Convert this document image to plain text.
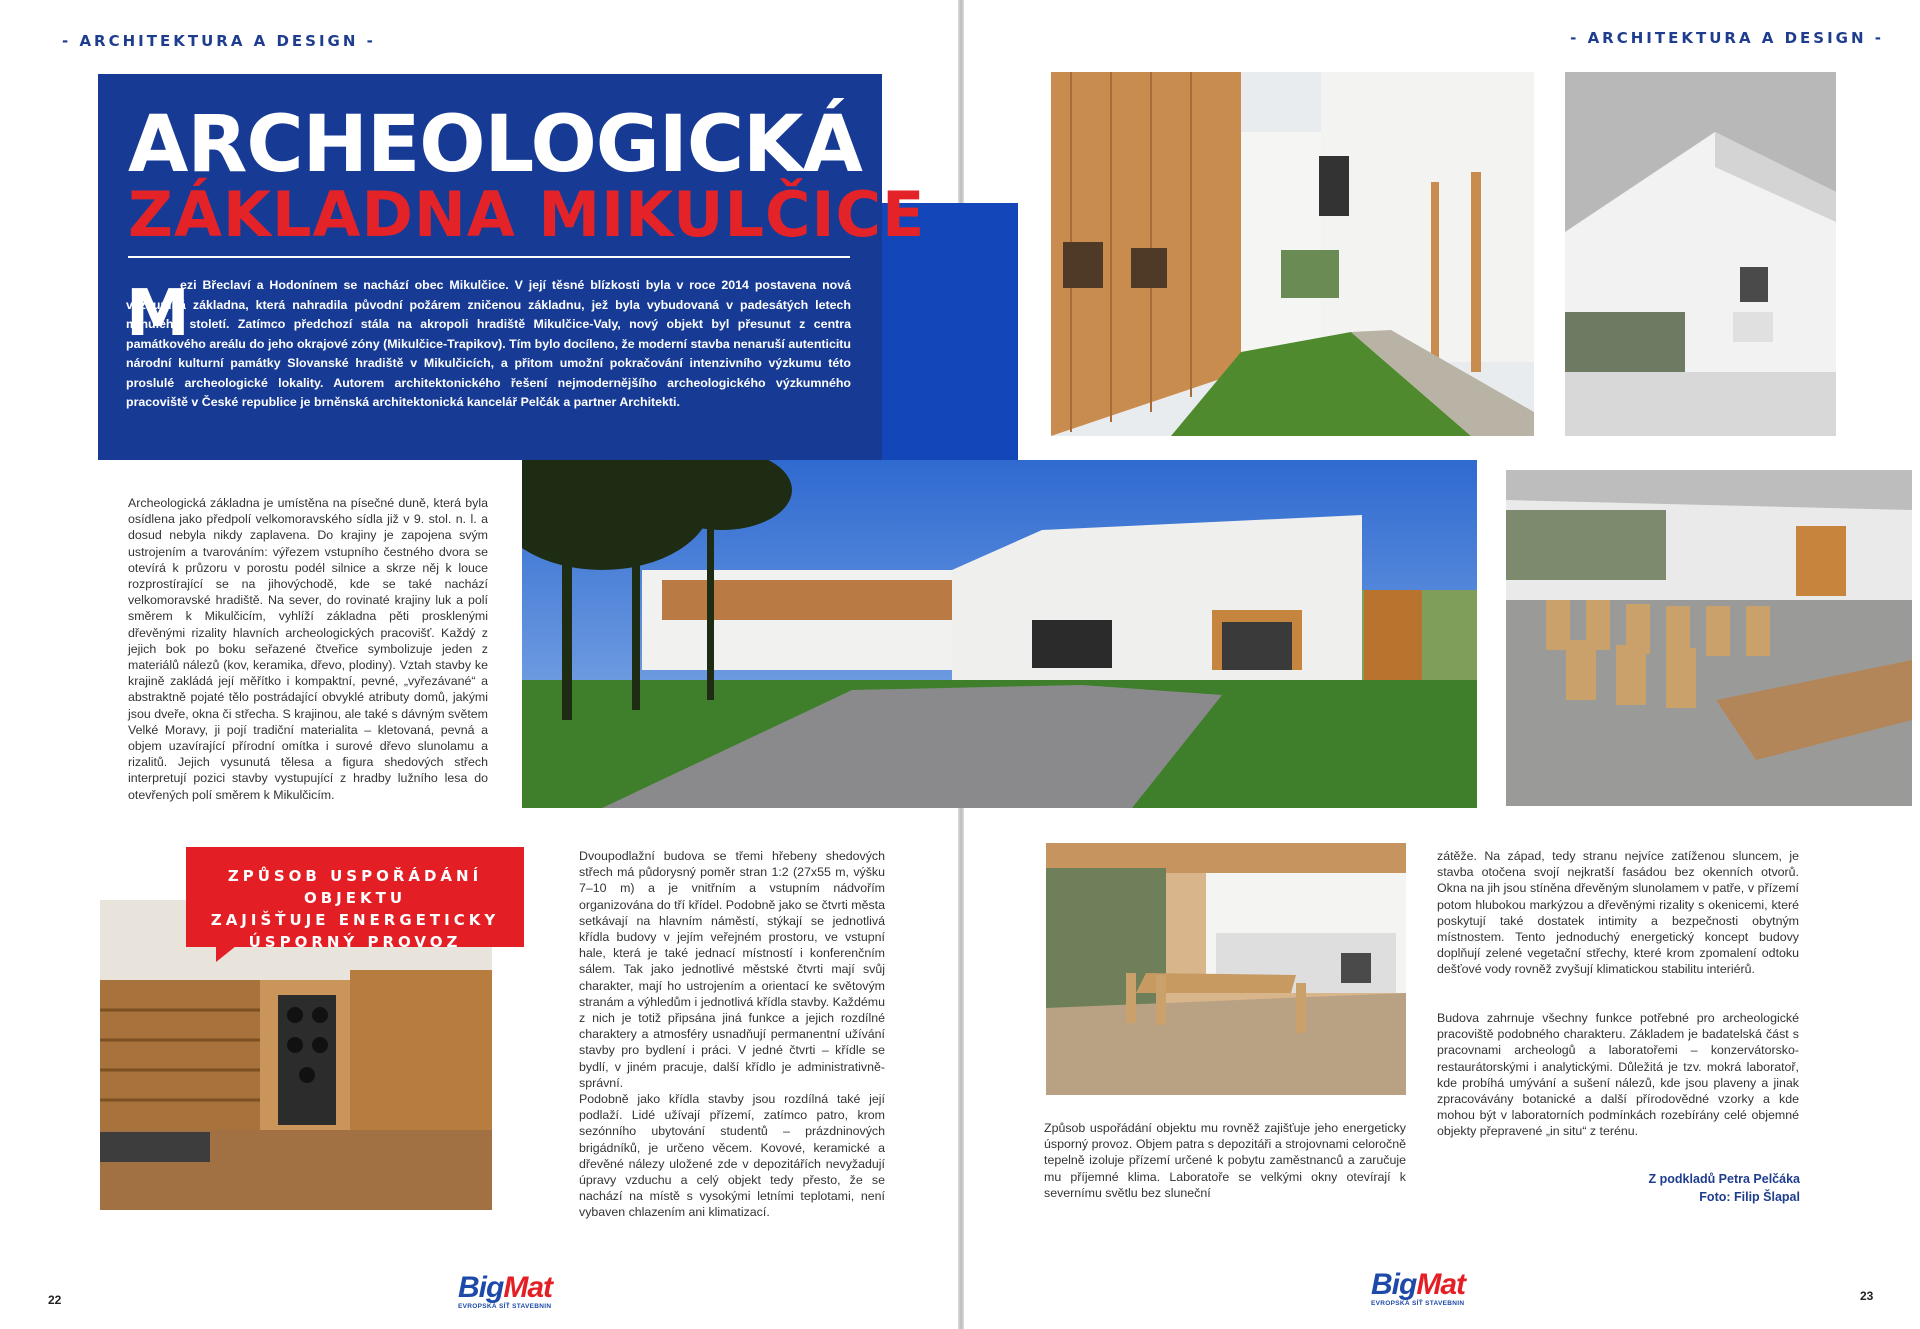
- ARCHITEKTURA A DESIGN -	- ARCHITEKTURA A DESIGN -
ARCHEOLOGICKÁ
ZÁKLADNA MIKULČICE
M
ezi Břeclaví a Hodonínem se nachází obec Mikulčice. V její těsné blízkosti byla v roce 2014 postavena nová výzkumná základna, která nahradila původní požárem zničenou základnu, jež byla vybudovaná v padesátých letech minulého století. Zatímco předchozí stála na akropoli hradiště Mikulčice-Valy, nový objekt byl přesunut z centra památkového areálu do jeho okrajové zóny (Mikulčice-Trapikov). Tím bylo docíleno, že moderní stavba nenaruší autenticitu národní kulturní památky Slovanské hradiště v Mikulčicích, a přitom umožní pokračování intenzivního výzkumu této proslulé archeologické lokality. Autorem architektonického řešení nejmodernějšího archeologického výzkumného pracoviště v České republice je brněnská architektonická kancelář Pelčák a partner Architekti.
Archeologická základna je umístěna na písečné duně, která byla osídlena jako předpolí velkomoravského sídla již v 9. stol. n. l. a dosud nebyla nikdy zaplavena. Do krajiny je zapojena svým ustrojením a tvarováním: výřezem vstupního čestného dvora se otevírá k průzoru v porostu podél silnice a skrze něj k louce rozprostírající se na jihovýchodě, kde se také nachází velkomoravské hradiště. Na sever, do rovinaté krajiny luk a polí směrem k Mikulčicím, vyhlíží základna pěti prosklenými dřevěnými rizality hlavních archeologických pracovišť. Každý z jejich bok po boku seřazené čtveřice symbolizuje jeden z materiálů nálezů (kov, keramika, dřevo, plodiny). Vztah stavby ke krajině zakládá její měřítko i kompaktní, pevné, „vyřezávané“ a abstraktně pojaté tělo postrádající obvyklé atributy domů, jakými jsou dveře, okna či střecha. S krajinou, ale také s dávným světem Velké Moravy, ji pojí tradiční materialita – kletovaná, pevná a objem uzavírající přírodní omítka i surové dřevo slunolamu a rizalitů. Jejich vysunutá tělesa a figura shedových střech interpretují pozici stavby vystupující z hradby lužního lesa do otevřených polí směrem k Mikulčicím.
Dvoupodlažní budova se třemi hřebeny shedových střech má půdorysný poměr stran 1:2 (27x55 m, výšku 7–10 m) a je vnitřním a vstupním nádvořím organizována do tří křídel. Podobně jako se čtvrti města setkávají na hlavním náměstí, stýkají se jednotlivá křídla budovy v jejím veřejném prostoru, ve vstupní hale, která je také jednací místností i konferenčním sálem. Tak jako jednotlivé městské čtvrti mají svůj charakter, mají ho ustrojením a orientací ke světovým stranám a výhledům i jednotlivá křídla stavby. Každému z nich je totiž připsána jiná funkce a jejich rozdílné charaktery a atmosféry usnadňují permanentní užívání stavby pro bydlení i práci. V jedné čtvrti – křídle se bydlí, v jiném pracuje, další křídlo je administrativně-správní.
Podobně jako křídla stavby jsou rozdílná také její podlaží. Lidé užívají přízemí, zatímco patro, krom sezónního ubytování studentů – prázdninových brigádníků, je určeno věcem. Kovové, keramické a dřevěné nálezy uložené zde v depozitářích nevyžadují úpravy vzduchu a celý objekt tedy přesto, že se nachází na místě s vysokými letními teplotami, není vybaven chlazením ani klimatizací.
Způsob uspořádání objektu mu rovněž zajišťuje jeho energeticky úsporný provoz. Objem patra s depozitáři a strojovnami celoročně tepelně izoluje přízemí určené k pobytu zaměstnanců a zaručuje mu příjemné klima. Laboratoře se velkými okny otevírají k severnímu světlu bez sluneční
zátěže. Na západ, tedy stranu nejvíce zatíženou sluncem, je stavba otočena svojí nejkratší fasádou bez okenních otvorů. Okna na jih jsou stíněna dřevěným slunolamem v patře, v přízemí potom hlubokou markýzou a dřevěnými rizality s okenicemi, které poskytují také dostatek intimity a bezpečnosti obytným místnostem. Tento jednoduchý energetický koncept budovy doplňují zelené vegetační střechy, které krom zpomalení odtoku dešťové vody rovněž zvyšují klimatickou stabilitu interiérů.
Budova zahrnuje všechny funkce potřebné pro archeologické pracoviště podobného charakteru. Základem je badatelská část s pracovnami archeologů a laboratořemi – konzervátorsko-restaurátorskými i analytickými. Důležitá je tzv. mokrá laboratoř, kde probíhá umývání a sušení nálezů, kde jsou plaveny a jinak zpracovávány botanické a další přírodovědné vzorky a kde mohou být v laboratorních podmínkách rozebírány celé objemné objekty přepravené „in situ“ z terénu.
ZPŮSOB USPOŘÁDÁNÍ OBJEKTU
ZAJIŠŤUJE ENERGETICKY
ÚSPORNÝ PROVOZ
Z podkladů Petra Pelčáka
Foto: Filip Šlapal
22	23
BigMat
EVROPSKÁ SÍŤ STAVEBNIN
BigMat
EVROPSKÁ SÍŤ STAVEBNIN
